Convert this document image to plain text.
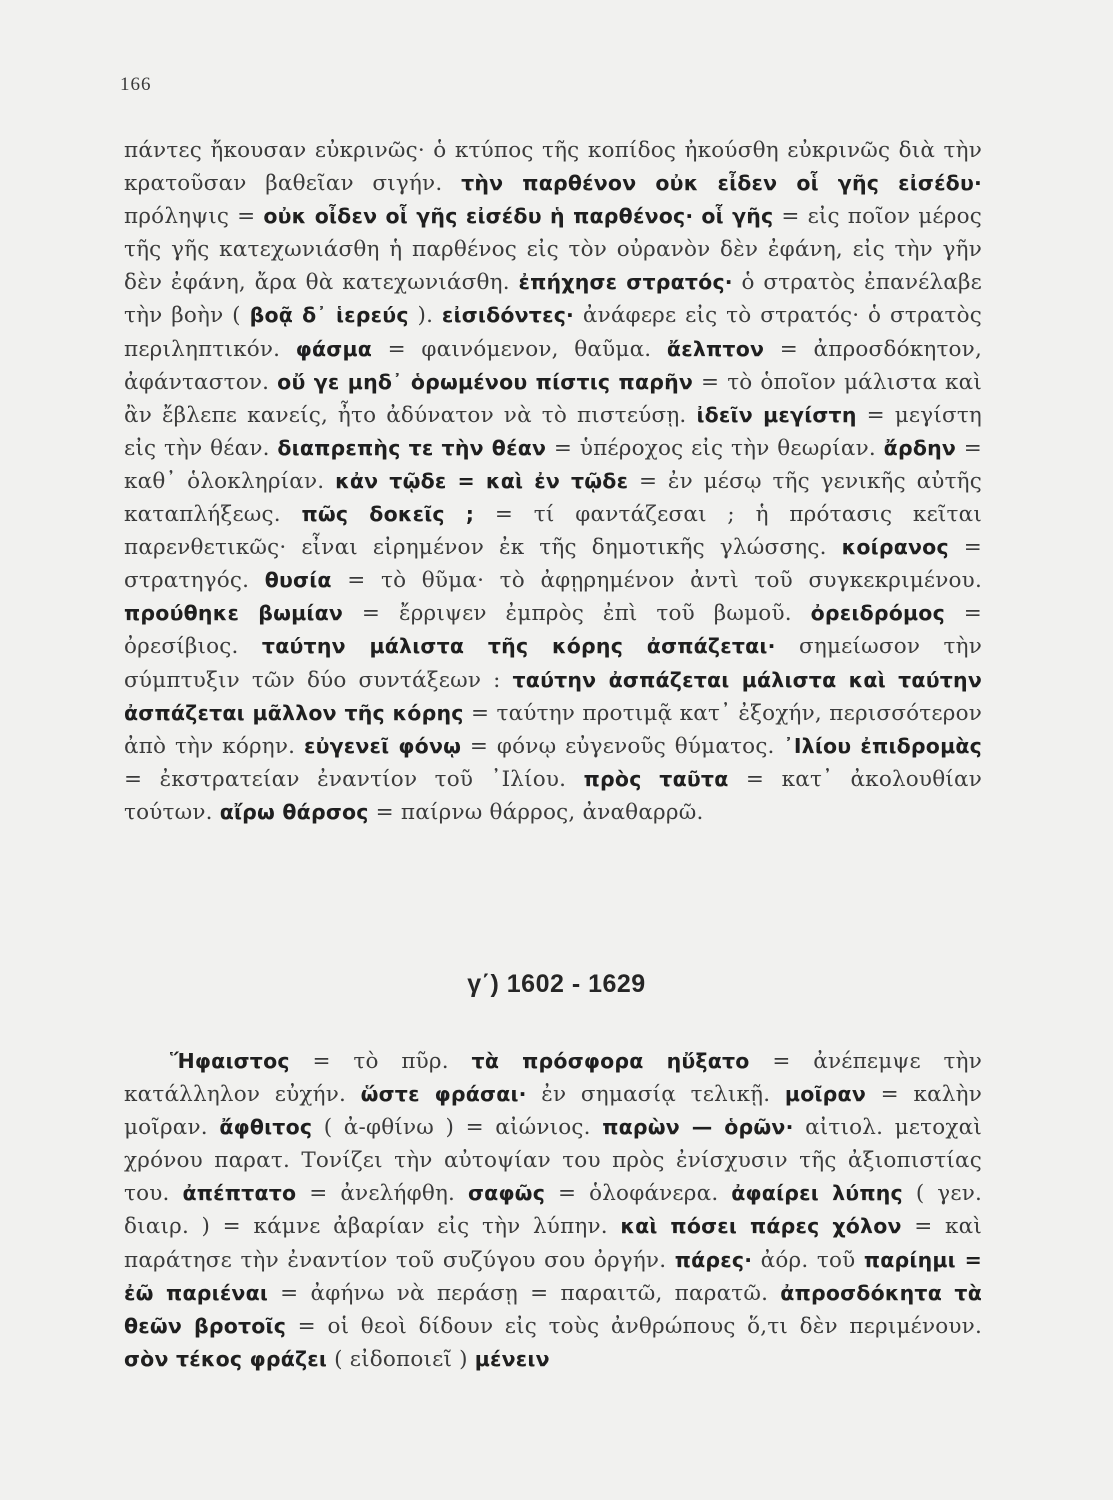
166
πάντες ἤκουσαν εὐκρινῶς· ὁ κτύπος τῆς κοπίδος ἠκούσθη εὐκρινῶς διὰ τὴν κρατοῦσαν βαθεῖαν σιγήν. τὴν παρθένον οὐκ εἶδεν οἷ γῆς εἰσέδυ· πρόληψις = οὐκ οἶδεν οἷ γῆς εἰσέδυ ἡ παρθένος· οἷ γῆς = εἰς ποῖον μέρος τῆς γῆς κατεχωνιάσθη ἡ παρθένος εἰς τὸν οὐρανὸν δὲν ἐφάνη, εἰς τὴν γῆν δὲν ἐφάνη, ἄρα θὰ κατεχωνιάσθη. ἐπήχησε στρατός· ὁ στρατὸς ἐπανέλαβε τὴν βοὴν ( βοᾷ δ᾽ ἱερεύς ). εἰσιδόντες· ἀνάφερε εἰς τὸ στρατός· ὁ στρατὸς περιληπτικόν. φάσμα = φαινόμενον, θαῦμα. ἄελπτον = ἀπροσδόκητον, ἀφάνταστον. οὔ γε μηδ᾽ ὁρωμένου πίστις παρῆν = τὸ ὁποῖον μάλιστα καὶ ἂν ἔβλεπε κανείς, ἦτο ἀδύνατον νὰ τὸ πιστεύσῃ. ἰδεῖν μεγίστη = μεγίστη εἰς τὴν θέαν. διαπρεπὴς τε τὴν θέαν = ὑπέροχος εἰς τὴν θεωρίαν. ἄρδην = καθ᾽ ὁλοκληρίαν. κἀν τῷδε = καὶ ἐν τῷδε = ἐν μέσῳ τῆς γενικῆς αὐτῆς καταπλήξεως. πῶς δοκεῖς ; = τί φαντάζεσαι ; ἡ πρότασις κεῖται παρενθετικῶς· εἶναι εἰρημένον ἐκ τῆς δημοτικῆς γλώσσης. κοίρανος = στρατηγός. θυσία = τὸ θῦμα· τὸ ἀφῃρημένον ἀντὶ τοῦ συγκεκριμένου. προύθηκε βωμίαν = ἔρριψεν ἐμπρὸς ἐπὶ τοῦ βωμοῦ. ὀρειδρόμος = ὀρεσίβιος. ταύτην μάλιστα τῆς κόρης ἀσπάζεται· σημείωσον τὴν σύμπτυξιν τῶν δύο συντάξεων : ταύτην ἀσπάζεται μάλιστα καὶ ταύτην ἀσπάζεται μᾶλλον τῆς κόρης = ταύτην προτιμᾷ κατ᾽ ἐξοχήν, περισσότερον ἀπὸ τὴν κόρην. εὐγενεῖ φόνῳ = φόνῳ εὐγενοῦς θύματος. ᾽Ιλίου ἐπιδρομὰς = ἐκστρατείαν ἐναντίον τοῦ ᾽Ιλίου. πρὸς ταῦτα = κατ᾽ ἀκολουθίαν τούτων. αἴρω θάρσος = παίρνω θάρρος, ἀναθαρρῶ.
γ΄) 1602 - 1629
Ἥφαιστος = τὸ πῦρ. τὰ πρόσφορα ηὔξατο = ἀνέπεμψε τὴν κατάλληλον εὐχήν. ὥστε φράσαι· ἐν σημασίᾳ τελικῇ. μοῖραν = καλὴν μοῖραν. ἄφθιτος ( ἀ-φθίνω ) = αἰώνιος. παρὼν — ὁρῶν· αἰτιολ. μετοχαὶ χρόνου παρατ. Τονίζει τὴν αὐτοψίαν του πρὸς ἐνίσχυσιν τῆς ἀξιοπιστίας του. ἀπέπτατο = ἀνελήφθη. σαφῶς = ὁλοφάνερα. ἀφαίρει λύπης ( γεν. διαιρ. ) = κάμνε ἀβαρίαν εἰς τὴν λύπην. καὶ πόσει πάρες χόλον = καὶ παράτησε τὴν ἐναντίον τοῦ συζύγου σου ὀργήν. πάρες· ἀόρ. τοῦ παρίημι = ἐῶ παριέναι = ἀφήνω νὰ περάσῃ = παραιτῶ, παρατῶ. ἀπροσδόκητα τὰ θεῶν βροτοῖς = οἱ θεοὶ δίδουν εἰς τοὺς ἀνθρώπους ὅ,τι δὲν περιμένουν. σὸν τέκος φράζει ( εἰδοποιεῖ ) μένειν
